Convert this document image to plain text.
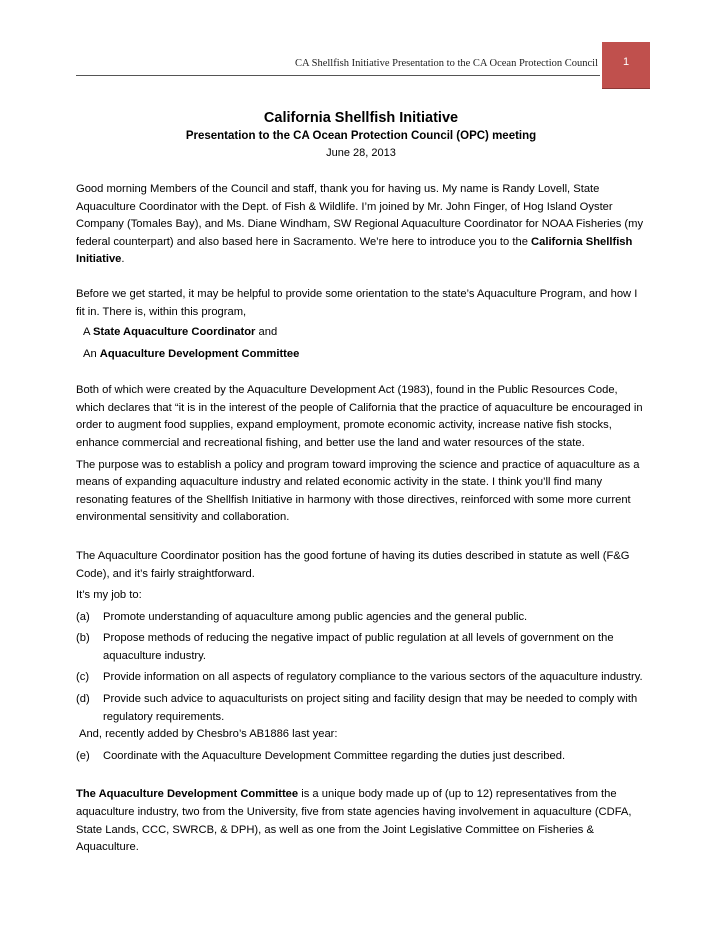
CA Shellfish Initiative Presentation to the CA Ocean Protection Council	1
California Shellfish Initiative
Presentation to the CA Ocean Protection Council (OPC) meeting
June 28, 2013

Good morning Members of the Council and staff, thank you for having us. My name is Randy Lovell, State Aquaculture Coordinator with the Dept. of Fish & Wildlife. I’m joined by Mr. John Finger, of Hog Island Oyster Company (Tomales Bay), and Ms. Diane Windham, SW Regional Aquaculture Coordinator for NOAA Fisheries (my federal counterpart) and also based here in Sacramento. We’re here to introduce you to the California Shellfish Initiative.

Before we get started, it may be helpful to provide some orientation to the state’s Aquaculture Program, and how I fit in. There is, within this program,

A State Aquaculture Coordinator and
An Aquaculture Development Committee

Both of which were created by the Aquaculture Development Act (1983), found in the Public Resources Code, which declares that “it is in the interest of the people of California that the practice of aquaculture be encouraged in order to augment food supplies, expand employment, promote economic activity, increase native fish stocks, enhance commercial and recreational fishing, and better use the land and water resources of the state.

The purpose was to establish a policy and program toward improving the science and practice of aquaculture as a means of expanding aquaculture industry and related economic activity in the state. I think you’ll find many resonating features of the Shellfish Initiative in harmony with those directives, reinforced with some more current environmental sensitivity and collaboration.

The Aquaculture Coordinator position has the good fortune of having its duties described in statute as well (F&G Code), and it’s fairly straightforward.

It’s my job to:

(a) Promote understanding of aquaculture among public agencies and the general public.
(b) Propose methods of reducing the negative impact of public regulation at all levels of government on the aquaculture industry.
(c) Provide information on all aspects of regulatory compliance to the various sectors of the aquaculture industry.
(d) Provide such advice to aquaculturists on project siting and facility design that may be needed to comply with regulatory requirements.

And, recently added by Chesbro’s AB1886 last year:

(e) Coordinate with the Aquaculture Development Committee regarding the duties just described.

The Aquaculture Development Committee is a unique body made up of (up to 12) representatives from the aquaculture industry, two from the University, five from state agencies having involvement in aquaculture (CDFA, State Lands, CCC, SWRCB, & DPH), as well as one from the Joint Legislative Committee on Fisheries & Aquaculture.
